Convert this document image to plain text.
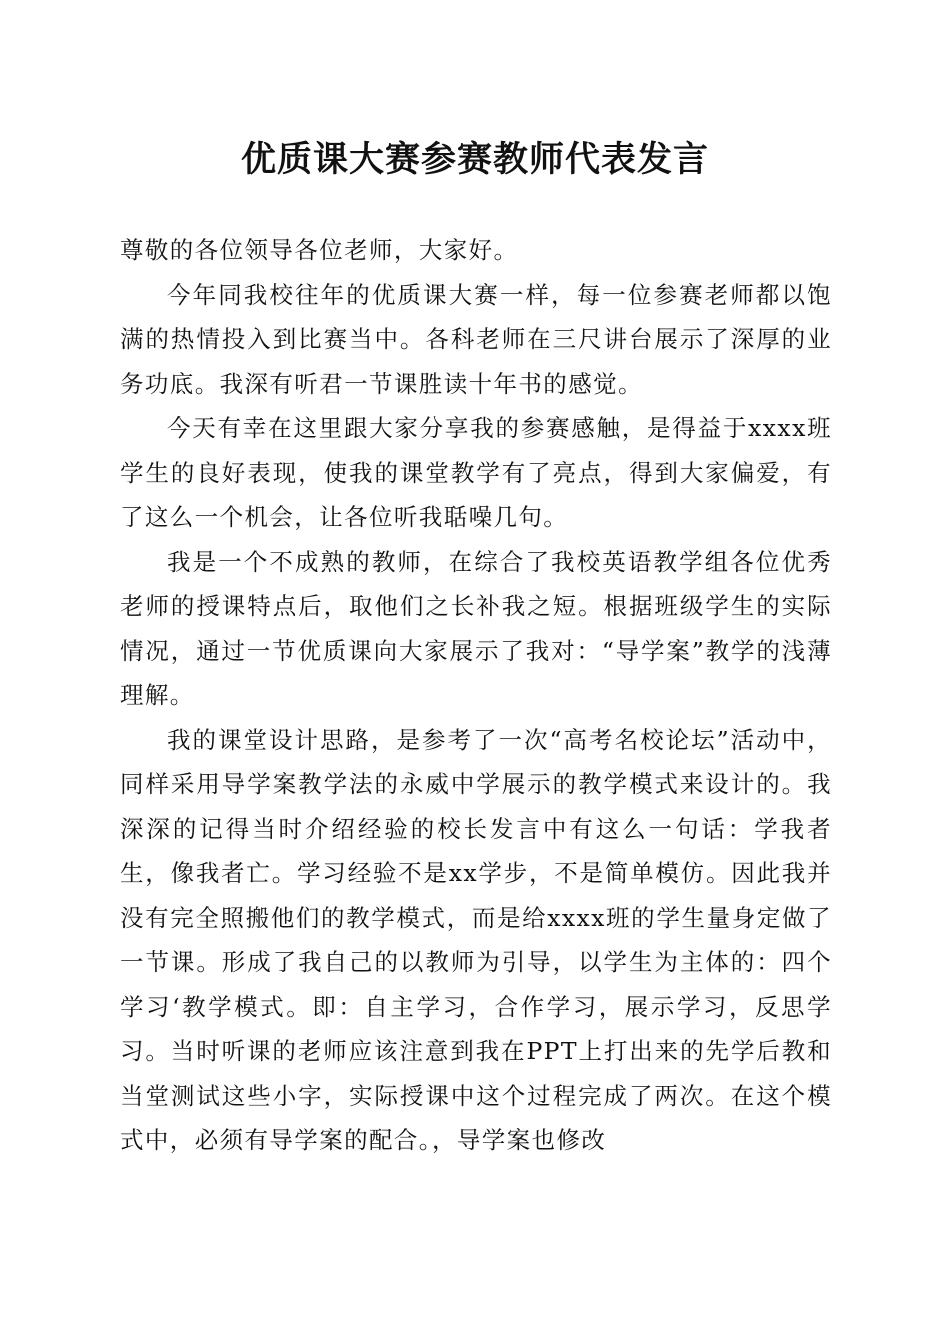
优质课大赛参赛教师代表发言

尊敬的各位领导各位老师，大家好。

今年同我校往年的优质课大赛一样，每一位参赛老师都以饱满的热情投入到比赛当中。各科老师在三尺讲台展示了深厚的业务功底。我深有听君一节课胜读十年书的感觉。

今天有幸在这里跟大家分享我的参赛感触，是得益于xxxx班学生的良好表现，使我的课堂教学有了亮点，得到大家偏爱，有了这么一个机会，让各位听我聒噪几句。

我是一个不成熟的教师，在综合了我校英语教学组各位优秀老师的授课特点后，取他们之长补我之短。根据班级学生的实际情况，通过一节优质课向大家展示了我对：“导学案”教学的浅薄理解。

我的课堂设计思路，是参考了一次“高考名校论坛”活动中，同样采用导学案教学法的永威中学展示的教学模式来设计的。我深深的记得当时介绍经验的校长发言中有这么一句话：学我者生，像我者亡。学习经验不是xx学步，不是简单模仿。因此我并没有完全照搬他们的教学模式，而是给xxxx班的学生量身定做了一节课。形成了我自己的以教师为引导，以学生为主体的：四个学习‘教学模式。即：自主学习，合作学习，展示学习，反思学习。当时听课的老师应该注意到我在PPT上打出来的先学后教和当堂测试这些小字，实际授课中这个过程完成了两次。在这个模式中，必须有导学案的配合。，导学案也修改
